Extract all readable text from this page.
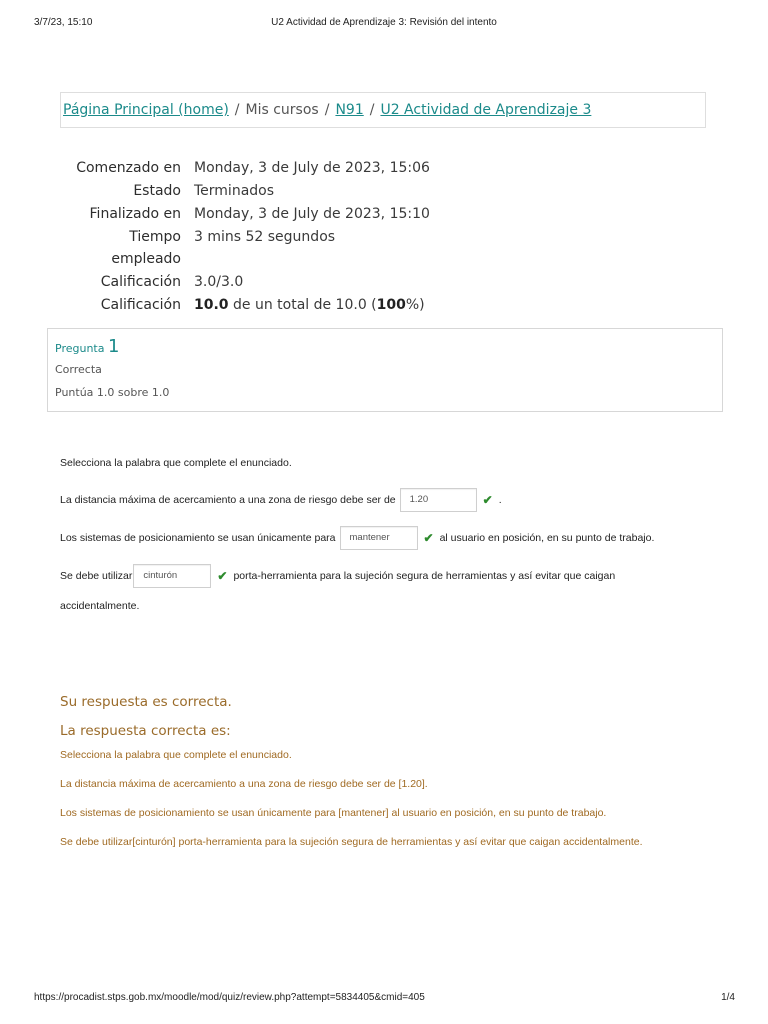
3/7/23, 15:10	U2 Actividad de Aprendizaje 3: Revisión del intento
Página Principal (home) / Mis cursos / N91 / U2 Actividad de Aprendizaje 3
Comenzado en Monday, 3 de July de 2023, 15:06
Estado Terminados
Finalizado en Monday, 3 de July de 2023, 15:10
Tiempo
empleado
3 mins 52 segundos
Calificación 3.0/3.0
Calificación 10.0 de un total de 10.0 (100%)
Pregunta 1
Correcta
Puntúa 1.0 sobre 1.0
Selecciona la palabra que complete el enunciado.
La distancia máxima de acercamiento a una zona de riesgo debe ser de	1.20	✔ .
Los sistemas de posicionamiento se usan únicamente para	mantener	✔ al usuario en posición, en su punto de trabajo.
Se debe utilizar	cinturón	✔ porta-herramienta para la sujeción segura de herramientas y así evitar que caigan
accidentalmente.
Su respuesta es correcta.
La respuesta correcta es:
Selecciona la palabra que complete el enunciado.
La distancia máxima de acercamiento a una zona de riesgo debe ser de [1.20].
Los sistemas de posicionamiento se usan únicamente para [mantener] al usuario en posición, en su punto de trabajo.
Se debe utilizar[cinturón] porta-herramienta para la sujeción segura de herramientas y así evitar que caigan accidentalmente.
https://procadist.stps.gob.mx/moodle/mod/quiz/review.php?attempt=5834405&cmid=405	1/4
